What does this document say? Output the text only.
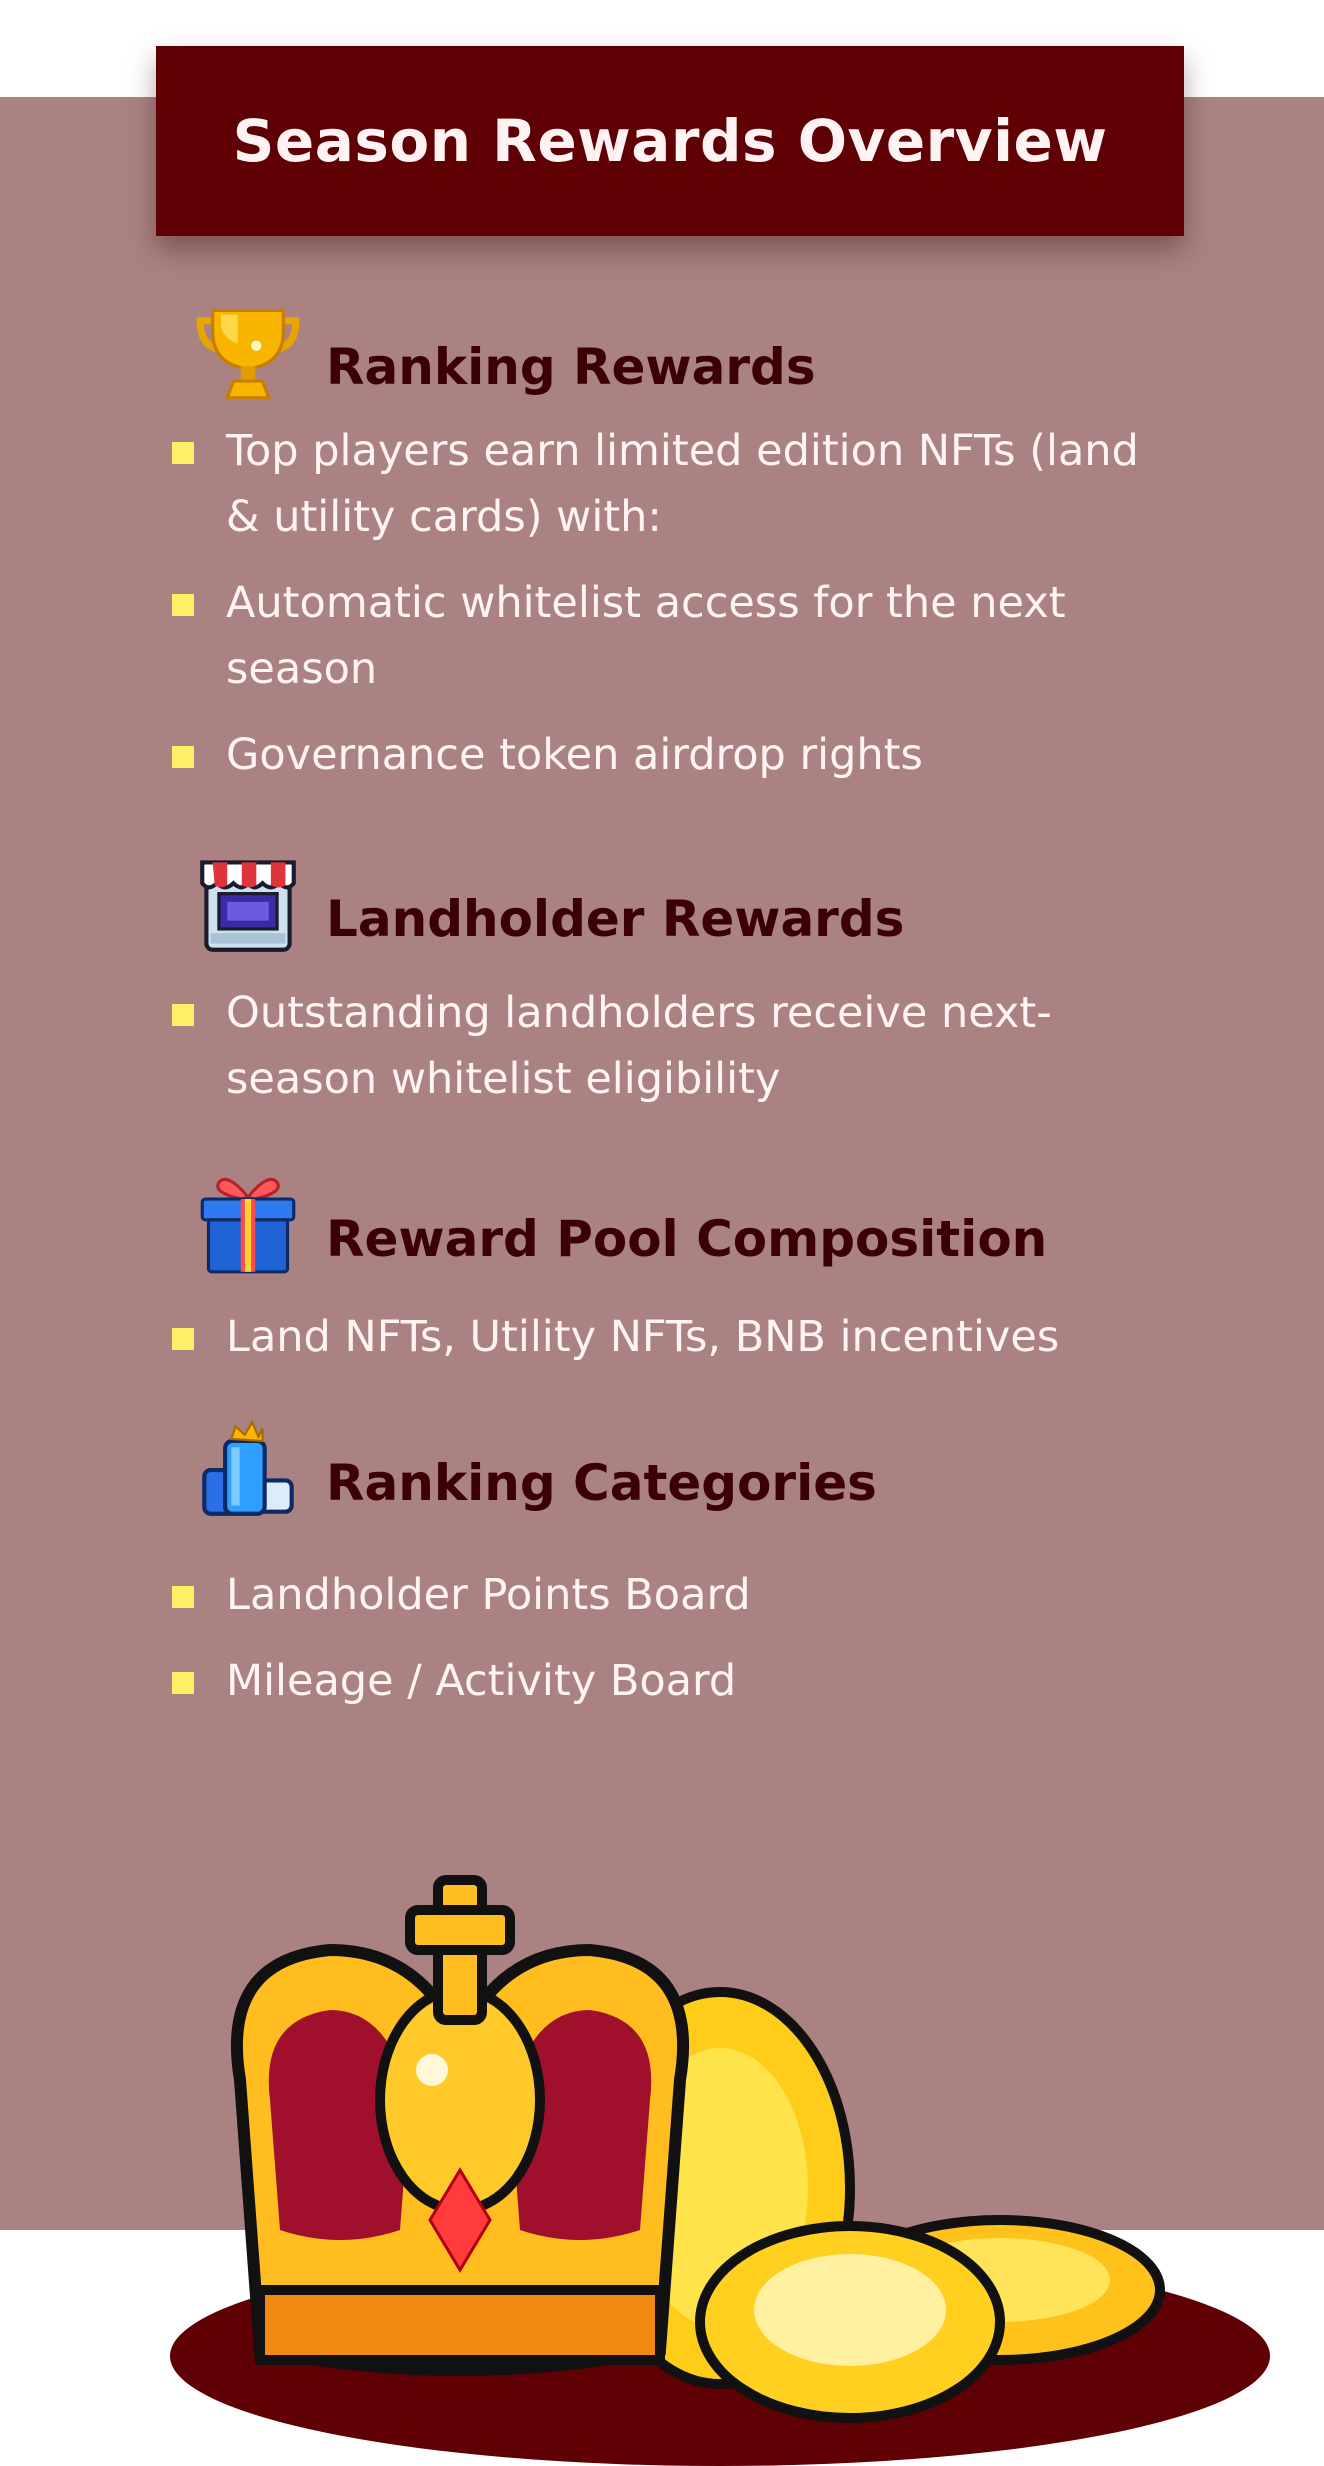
Season Rewards Overview
Ranking Rewards
Top players earn limited edition NFTs (land & utility cards) with:
Automatic whitelist access for the next season
Governance token airdrop rights
Landholder Rewards
Outstanding landholders receive next-season whitelist eligibility
Reward Pool Composition
Land NFTs, Utility NFTs, BNB incentives
Ranking Categories
Landholder Points Board
Mileage / Activity Board
